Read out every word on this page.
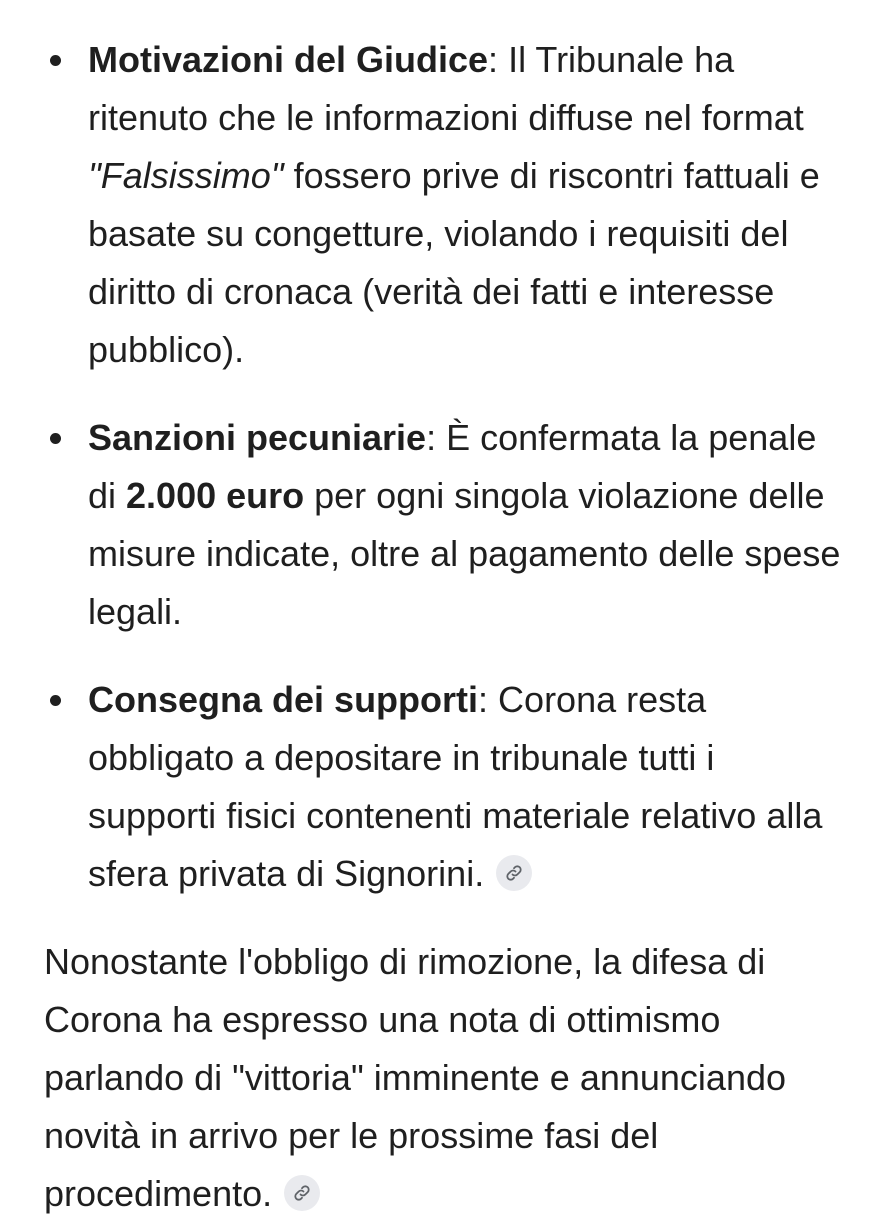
Motivazioni del Giudice: Il Tribunale ha ritenuto che le informazioni diffuse nel format "Falsissimo" fossero prive di riscontri fattuali e basate su congetture, violando i requisiti del diritto di cronaca (verità dei fatti e interesse pubblico).
Sanzioni pecuniarie: È confermata la penale di 2.000 euro per ogni singola violazione delle misure indicate, oltre al pagamento delle spese legali.
Consegna dei supporti: Corona resta obbligato a depositare in tribunale tutti i supporti fisici contenenti materiale relativo alla sfera privata di Signorini.

Nonostante l'obbligo di rimozione, la difesa di Corona ha espresso una nota di ottimismo parlando di "vittoria" imminente e annunciando novità in arrivo per le prossime fasi del procedimento.
